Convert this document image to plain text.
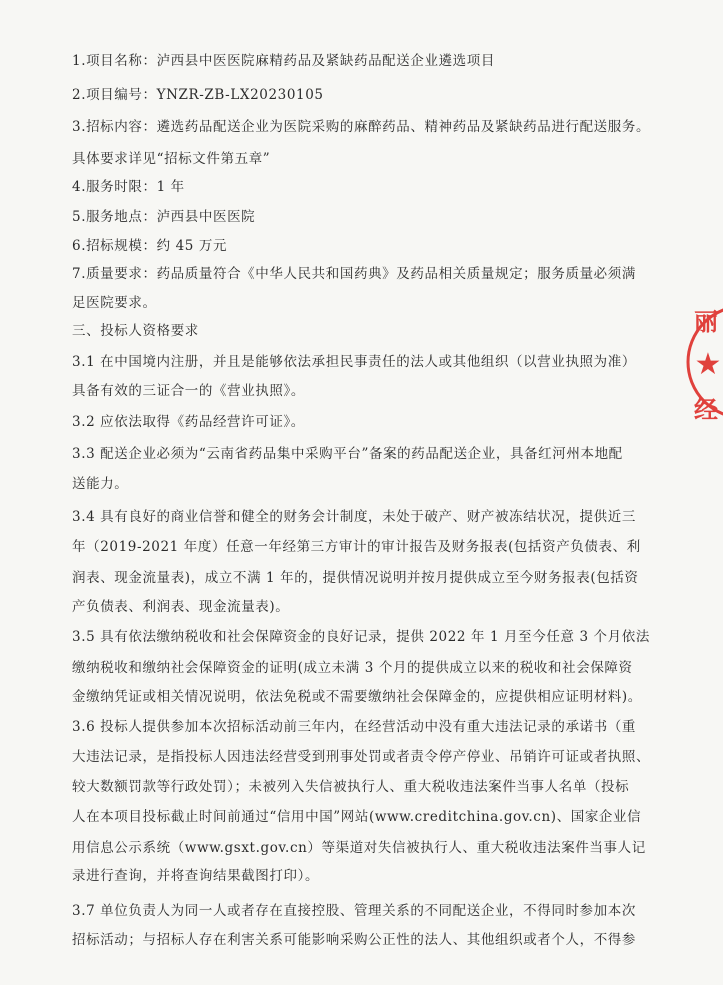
1.项目名称：泸西县中医医院麻精药品及紧缺药品配送企业遴选项目
2.项目编号：YNZR-ZB-LX20230105
3.招标内容：遴选药品配送企业为医院采购的麻醉药品、精神药品及紧缺药品进行配送服务。
具体要求详见“招标文件第五章”
4.服务时限：1 年
5.服务地点：泸西县中医医院
6.招标规模：约 45 万元
7.质量要求：药品质量符合《中华人民共和国药典》及药品相关质量规定；服务质量必须满
足医院要求。
三、投标人资格要求
3.1 在中国境内注册，并且是能够依法承担民事责任的法人或其他组织（以营业执照为准）
具备有效的三证合一的《营业执照》。
3.2 应依法取得《药品经营许可证》。
3.3 配送企业必须为“云南省药品集中采购平台”备案的药品配送企业，具备红河州本地配
送能力。
3.4 具有良好的商业信誉和健全的财务会计制度，未处于破产、财产被冻结状况，提供近三
年（2019-2021 年度）任意一年经第三方审计的审计报告及财务报表(包括资产负债表、利
润表、现金流量表)，成立不满 1 年的，提供情况说明并按月提供成立至今财务报表(包括资
产负债表、利润表、现金流量表)。
3.5 具有依法缴纳税收和社会保障资金的良好记录，提供 2022 年 1 月至今任意 3 个月依法
缴纳税收和缴纳社会保障资金的证明(成立未满 3 个月的提供成立以来的税收和社会保障资
金缴纳凭证或相关情况说明，依法免税或不需要缴纳社会保障金的，应提供相应证明材料)。
3.6 投标人提供参加本次招标活动前三年内，在经营活动中没有重大违法记录的承诺书（重
大违法记录，是指投标人因违法经营受到刑事处罚或者责令停产停业、吊销许可证或者执照、
较大数额罚款等行政处罚）；未被列入失信被执行人、重大税收违法案件当事人名单（投标
人在本项目投标截止时间前通过“信用中国”网站(www.creditchina.gov.cn)、国家企业信
用信息公示系统（www.gsxt.gov.cn）等渠道对失信被执行人、重大税收违法案件当事人记
录进行查询，并将查询结果截图打印）。
3.7 单位负责人为同一人或者存在直接控股、管理关系的不同配送企业，不得同时参加本次
招标活动；与招标人存在利害关系可能影响采购公正性的法人、其他组织或者个人，不得参
丽
★
经
